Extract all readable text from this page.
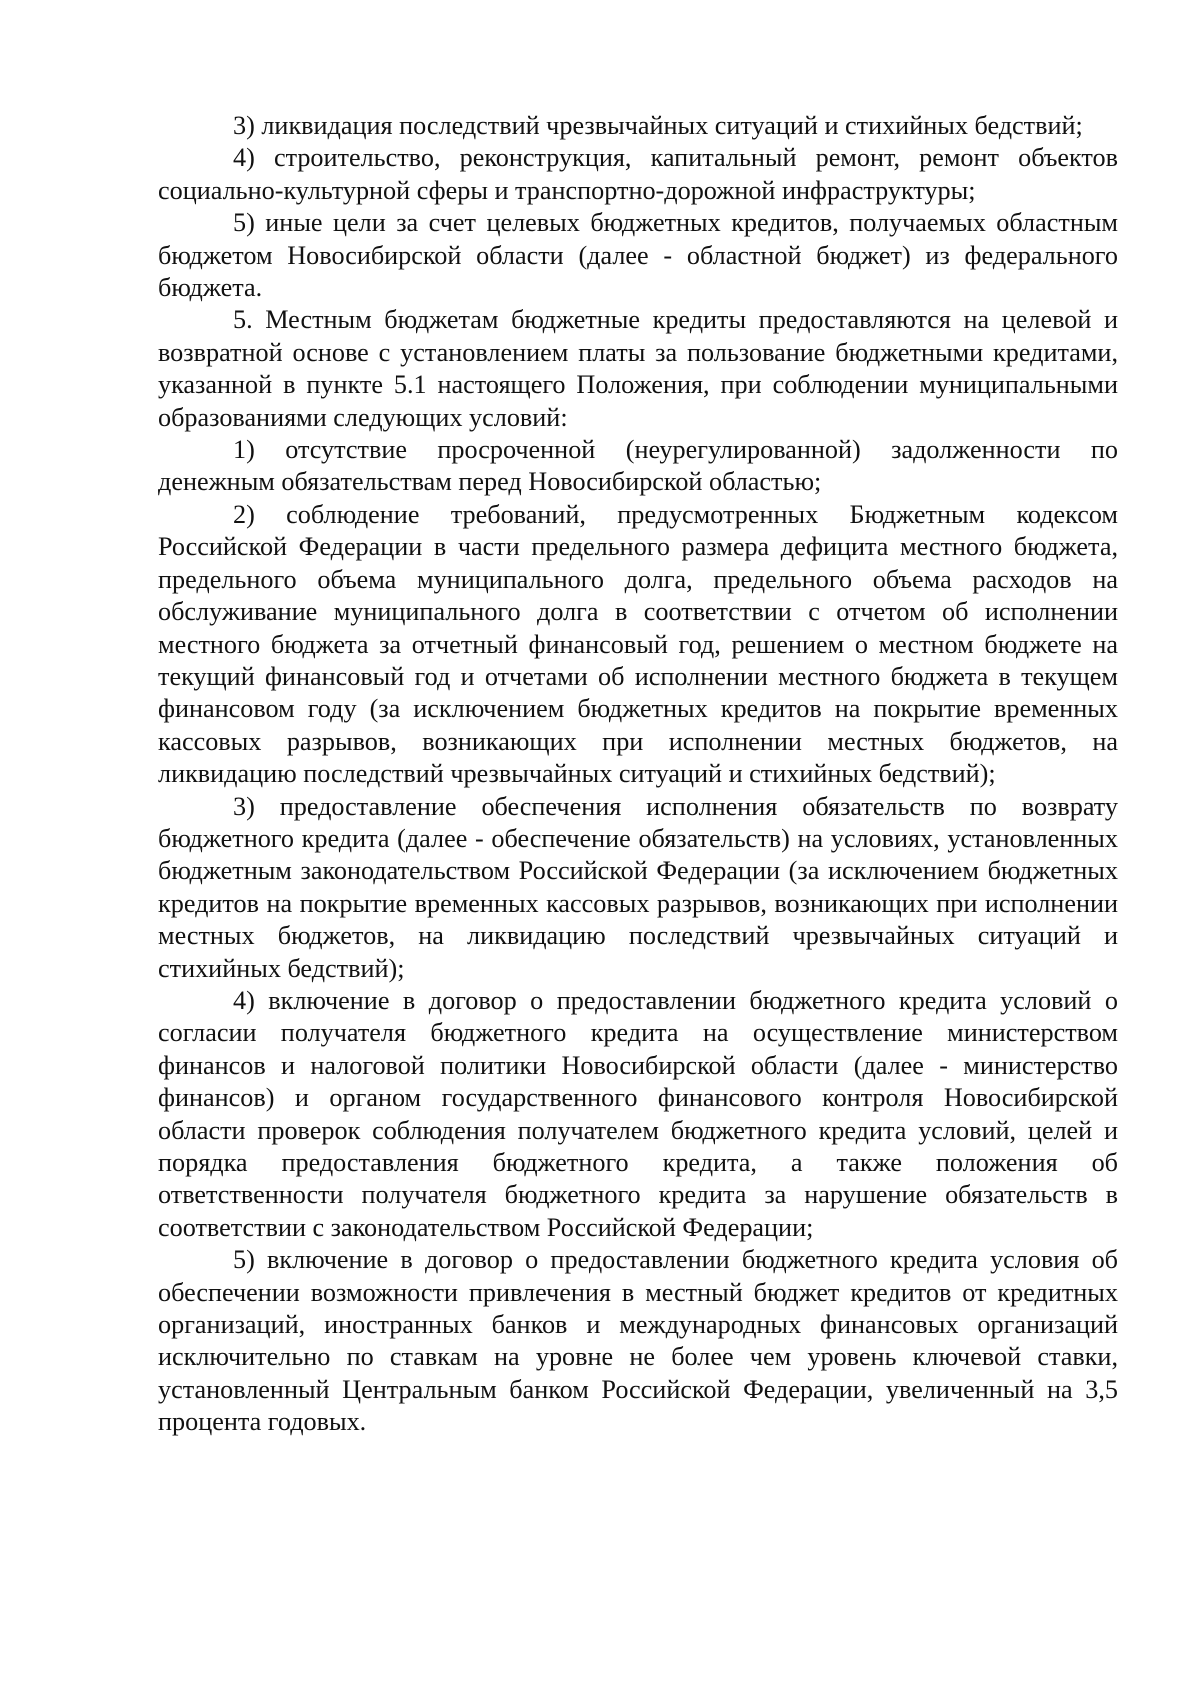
3) ликвидация последствий чрезвычайных ситуаций и стихийных бедствий;

4) строительство, реконструкция, капитальный ремонт, ремонт объектов социально-культурной сферы и транспортно-дорожной инфраструктуры;

5) иные цели за счет целевых бюджетных кредитов, получаемых областным бюджетом Новосибирской области (далее - областной бюджет) из федерального бюджета.

5. Местным бюджетам бюджетные кредиты предоставляются на целевой и возвратной основе с установлением платы за пользование бюджетными кредитами, указанной в пункте 5.1 настоящего Положения, при соблюдении муниципальными образованиями следующих условий:

1) отсутствие просроченной (неурегулированной) задолженности по денежным обязательствам перед Новосибирской областью;

2) соблюдение требований, предусмотренных Бюджетным кодексом Российской Федерации в части предельного размера дефицита местного бюджета, предельного объема муниципального долга, предельного объема расходов на обслуживание муниципального долга в соответствии с отчетом об исполнении местного бюджета за отчетный финансовый год, решением о местном бюджете на текущий финансовый год и отчетами об исполнении местного бюджета в текущем финансовом году (за исключением бюджетных кредитов на покрытие временных кассовых разрывов, возникающих при исполнении местных бюджетов, на ликвидацию последствий чрезвычайных ситуаций и стихийных бедствий);

3) предоставление обеспечения исполнения обязательств по возврату бюджетного кредита (далее - обеспечение обязательств) на условиях, установленных бюджетным законодательством Российской Федерации (за исключением бюджетных кредитов на покрытие временных кассовых разрывов, возникающих при исполнении местных бюджетов, на ликвидацию последствий чрезвычайных ситуаций и стихийных бедствий);

4) включение в договор о предоставлении бюджетного кредита условий о согласии получателя бюджетного кредита на осуществление министерством финансов и налоговой политики Новосибирской области (далее - министерство финансов) и органом государственного финансового контроля Новосибирской области проверок соблюдения получателем бюджетного кредита условий, целей и порядка предоставления бюджетного кредита, а также положения об ответственности получателя бюджетного кредита за нарушение обязательств в соответствии с законодательством Российской Федерации;

5) включение в договор о предоставлении бюджетного кредита условия об обеспечении возможности привлечения в местный бюджет кредитов от кредитных организаций, иностранных банков и международных финансовых организаций исключительно по ставкам на уровне не более чем уровень ключевой ставки, установленный Центральным банком Российской Федерации, увеличенный на 3,5 процента годовых.
